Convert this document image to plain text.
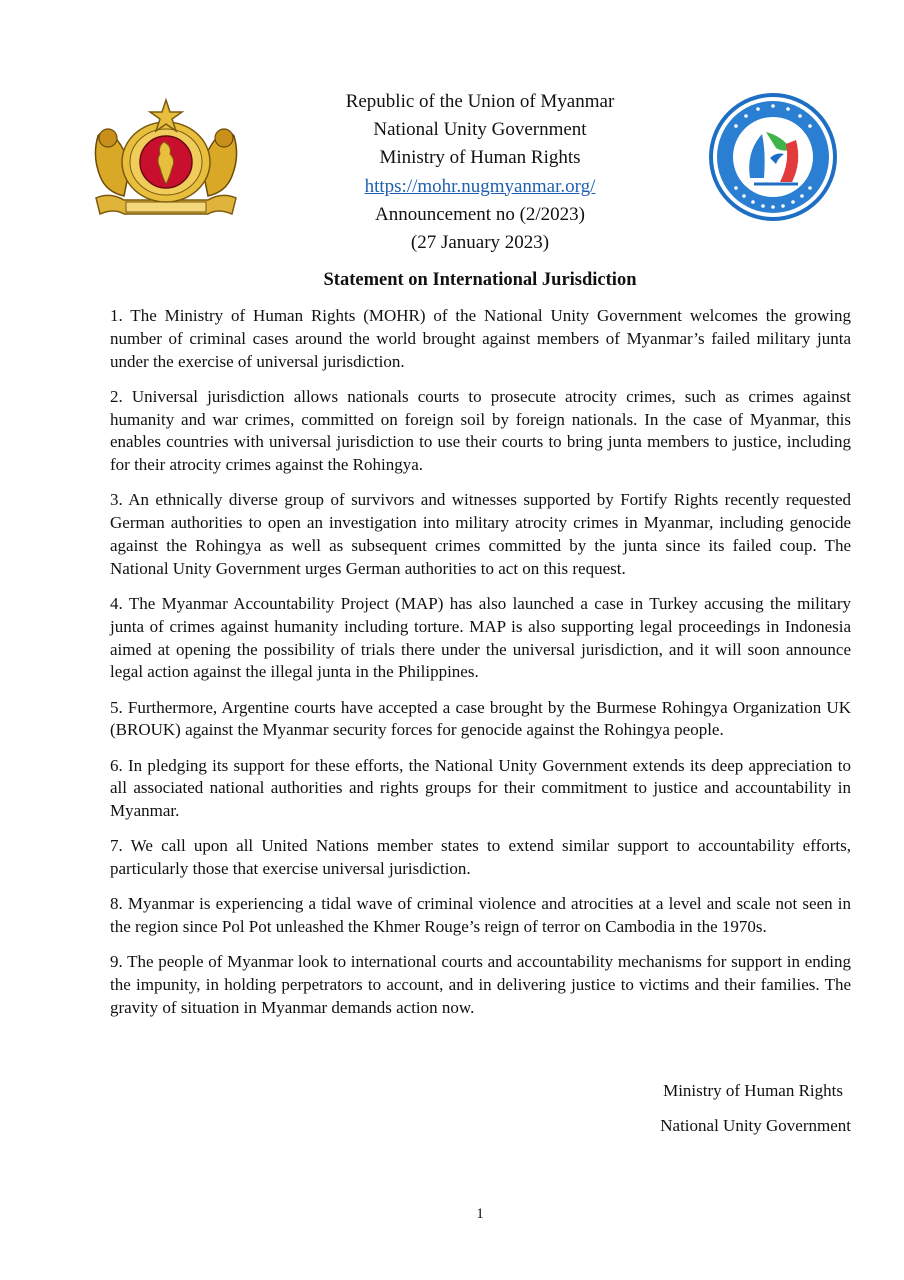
Republic of the Union of Myanmar
National Unity Government
Ministry of Human Rights
https://mohr.nugmyanmar.org/
Announcement no (2/2023)
(27 January 2023)
Statement on International Jurisdiction

1. The Ministry of Human Rights (MOHR) of the National Unity Government welcomes the growing number of criminal cases around the world brought against members of Myanmar’s failed military junta under the exercise of universal jurisdiction.

2. Universal jurisdiction allows nationals courts to prosecute atrocity crimes, such as crimes against humanity and war crimes, committed on foreign soil by foreign nationals. In the case of Myanmar, this enables countries with universal jurisdiction to use their courts to bring junta members to justice, including for their atrocity crimes against the Rohingya.

3. An ethnically diverse group of survivors and witnesses supported by Fortify Rights recently requested German authorities to open an investigation into military atrocity crimes in Myanmar, including genocide against the Rohingya as well as subsequent crimes committed by the junta since its failed coup. The National Unity Government urges German authorities to act on this request.

4. The Myanmar Accountability Project (MAP) has also launched a case in Turkey accusing the military junta of crimes against humanity including torture. MAP is also supporting legal proceedings in Indonesia aimed at opening the possibility of trials there under the universal jurisdiction, and it will soon announce legal action against the illegal junta in the Philippines.

5. Furthermore, Argentine courts have accepted a case brought by the Burmese Rohingya Organization UK (BROUK) against the Myanmar security forces for genocide against the Rohingya people.

6. In pledging its support for these efforts, the National Unity Government extends its deep appreciation to all associated national authorities and rights groups for their commitment to justice and accountability in Myanmar.

7. We call upon all United Nations member states to extend similar support to accountability efforts, particularly those that exercise universal jurisdiction.

8. Myanmar is experiencing a tidal wave of criminal violence and atrocities at a level and scale not seen in the region since Pol Pot unleashed the Khmer Rouge’s reign of terror on Cambodia in the 1970s.

9. The people of Myanmar look to international courts and accountability mechanisms for support in ending the impunity, in holding perpetrators to account, and in delivering justice to victims and their families. The gravity of situation in Myanmar demands action now.

Ministry of Human Rights
National Unity Government
1
